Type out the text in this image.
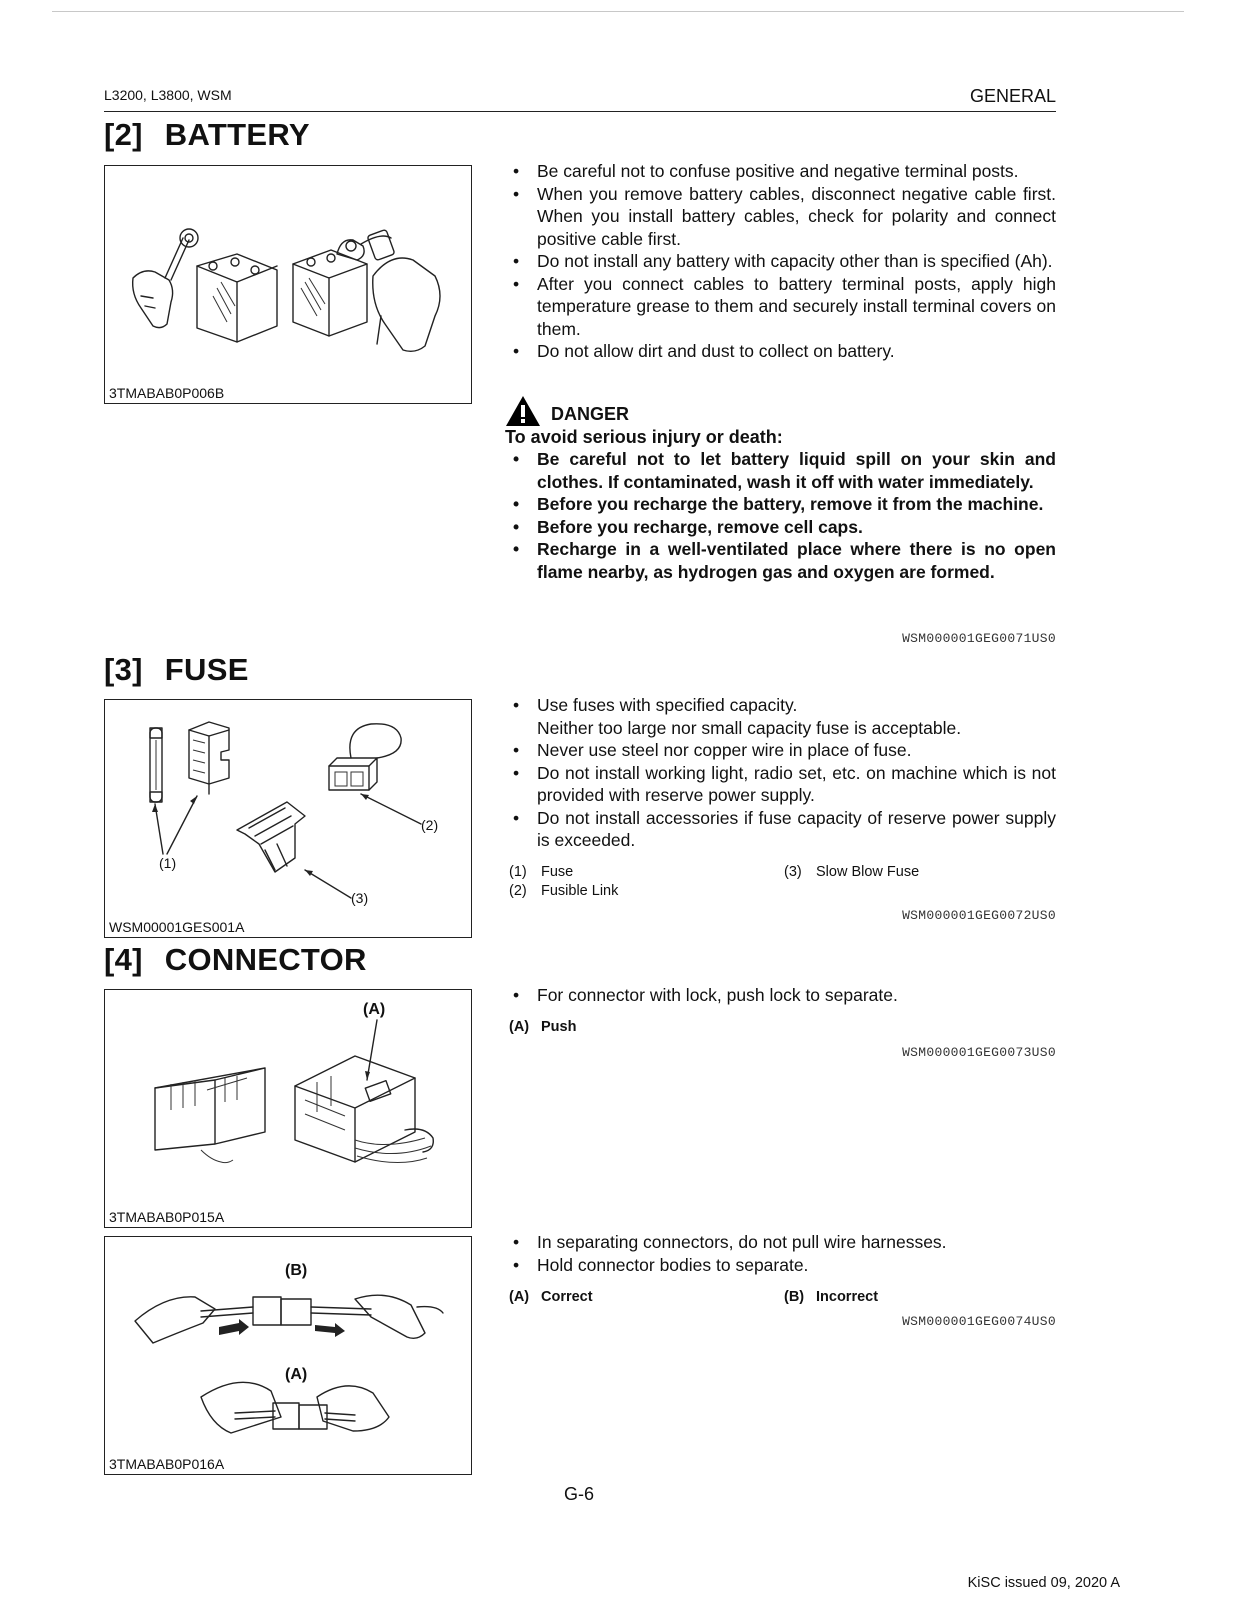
L3200, L3800, WSM	GENERAL
[2] BATTERY
3TMABAB0P006B
• Be careful not to confuse positive and negative terminal posts.
• When you remove battery cables, disconnect negative cable first. When you install battery cables, check for polarity and connect positive cable first.
• Do not install any battery with capacity other than is specified (Ah).
• After you connect cables to battery terminal posts, apply high temperature grease to them and securely install terminal covers on them.
• Do not allow dirt and dust to collect on battery.
DANGER
To avoid serious injury or death:
• Be careful not to let battery liquid spill on your skin and clothes. If contaminated, wash it off with water immediately.
• Before you recharge the battery, remove it from the machine.
• Before you recharge, remove cell caps.
• Recharge in a well-ventilated place where there is no open flame nearby, as hydrogen gas and oxygen are formed.
WSM000001GEG0071US0
[3] FUSE
(1)
(2)
(3)
WSM00001GES001A
• Use fuses with specified capacity.
Neither too large nor small capacity fuse is acceptable.
• Never use steel nor copper wire in place of fuse.
• Do not install working light, radio set, etc. on machine which is not provided with reserve power supply.
• Do not install accessories if fuse capacity of reserve power supply is exceeded.
(1) Fuse
(2) Fusible Link
(3) Slow Blow Fuse
WSM000001GEG0072US0
[4] CONNECTOR
(A)
3TMABAB0P015A
• For connector with lock, push lock to separate.
(A) Push
WSM000001GEG0073US0
(B)
(A)
3TMABAB0P016A
• In separating connectors, do not pull wire harnesses.
• Hold connector bodies to separate.
(A) Correct	(B) Incorrect
WSM000001GEG0074US0
G-6
KiSC issued 09, 2020 A
